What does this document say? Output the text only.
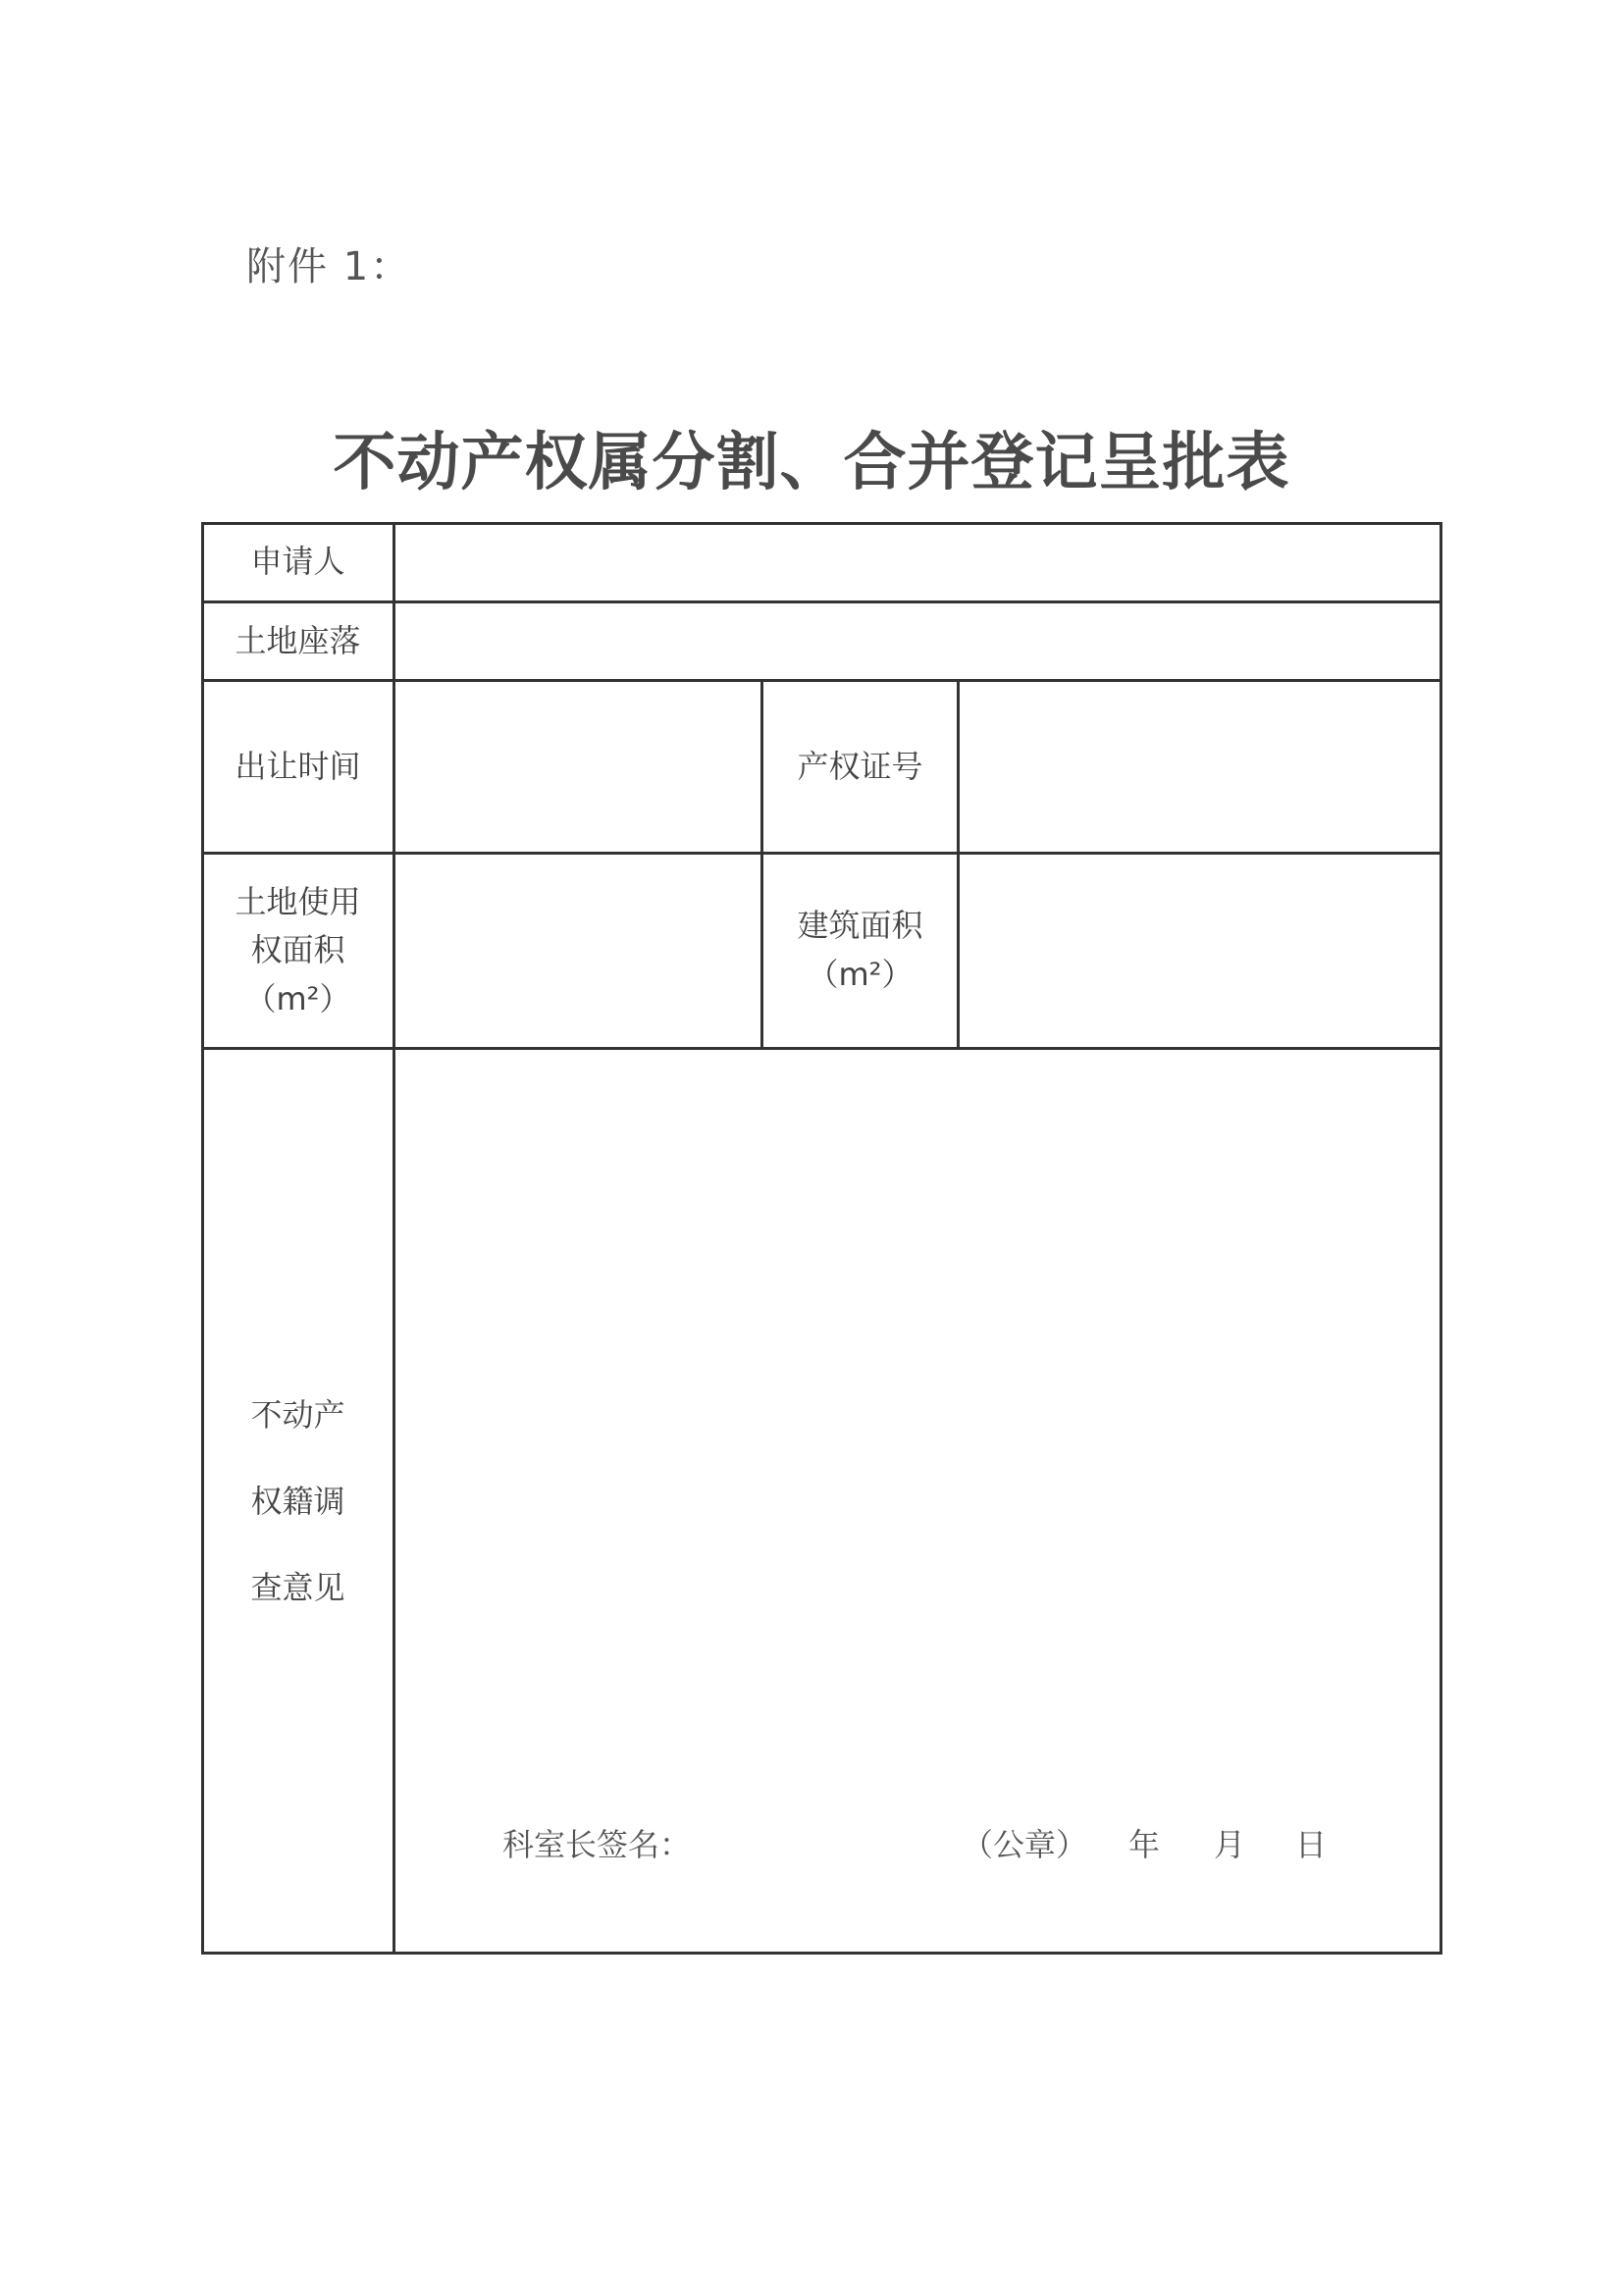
附件 1：
不动产权属分割、合并登记呈批表
申请人
土地座落
出让时间	产权证号
土地使用
权面积
（m²）
建筑面积
（m²）
不动产
权籍调
查意见
科室长签名：	（公章） 年 月 日
